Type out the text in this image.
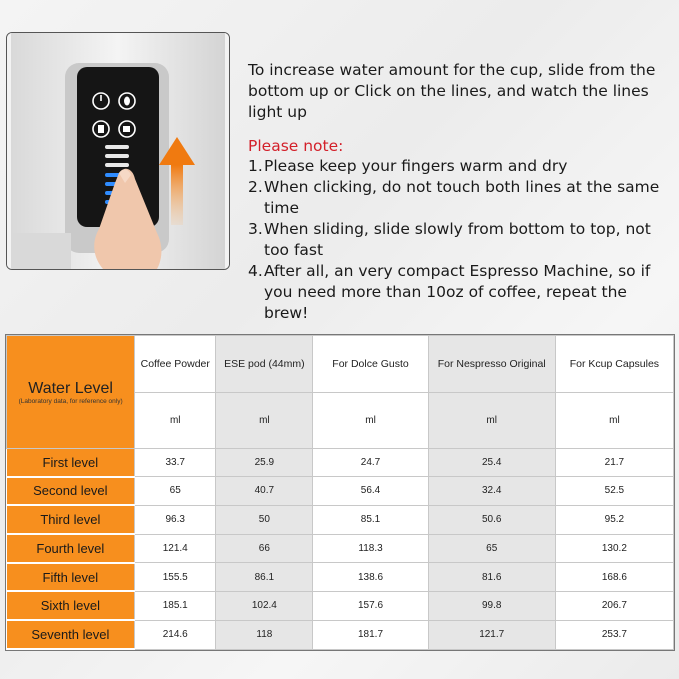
To increase water amount for the cup, slide from the bottom up or Click on the lines, and watch the lines light up

Please note:

1. Please keep your fingers warm and dry
2. When clicking, do not touch both lines at the same time
3. When sliding, slide slowly from bottom to top, not too fast
4. After all, an very compact Espresso Machine, so if you need more than 10oz of coffee, repeat the brew!
Water Level
(Laboratory data, for reference only)	Coffee Powder	ESE pod (44mm)	For Dolce Gusto	For Nespresso Original	For Kcup Capsules
	ml	ml	ml	ml	ml
First level	33.7	25.9	24.7	25.4	21.7
Second level	65	40.7	56.4	32.4	52.5
Third level	96.3	50	85.1	50.6	95.2
Fourth level	121.4	66	118.3	65	130.2
Fifth level	155.5	86.1	138.6	81.6	168.6
Sixth level	185.1	102.4	157.6	99.8	206.7
Seventh level	214.6	118	181.7	121.7	253.7
